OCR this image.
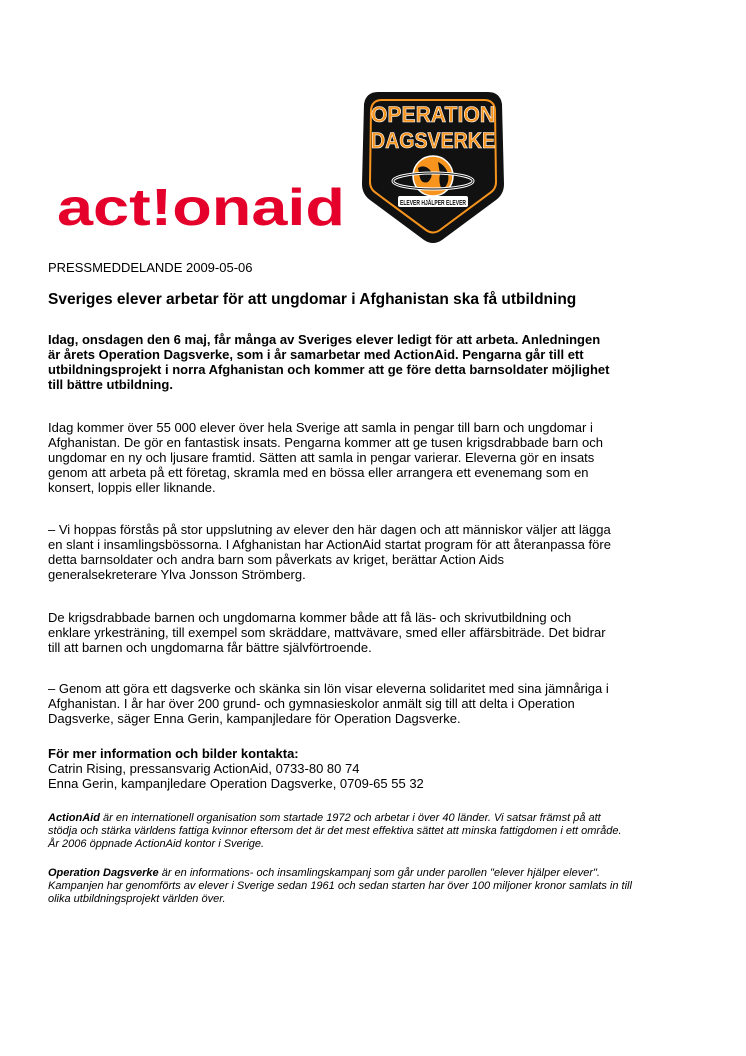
act!onaid
OPERATION
DAGSVERKE
ELEVER HJÄLPER ELEVER
PRESSMEDDELANDE 2009-05-06
Sveriges elever arbetar för att ungdomar i Afghanistan ska få utbildning
Idag, onsdagen den 6 maj, får många av Sveriges elever ledigt för att arbeta. Anledningen
är årets Operation Dagsverke, som i år samarbetar med ActionAid. Pengarna går till ett
utbildningsprojekt i norra Afghanistan och kommer att ge före detta barnsoldater möjlighet
till bättre utbildning.
Idag kommer över 55 000 elever över hela Sverige att samla in pengar till barn och ungdomar i
Afghanistan. De gör en fantastisk insats. Pengarna kommer att ge tusen krigsdrabbade barn och
ungdomar en ny och ljusare framtid. Sätten att samla in pengar varierar. Eleverna gör en insats
genom att arbeta på ett företag, skramla med en bössa eller arrangera ett evenemang som en
konsert, loppis eller liknande.
– Vi hoppas förstås på stor uppslutning av elever den här dagen och att människor väljer att lägga
en slant i insamlingsbössorna. I Afghanistan har ActionAid startat program för att återanpassa före
detta barnsoldater och andra barn som påverkats av kriget, berättar Action Aids
generalsekreterare Ylva Jonsson Strömberg.
De krigsdrabbade barnen och ungdomarna kommer både att få läs- och skrivutbildning och
enklare yrkesträning, till exempel som skräddare, mattvävare, smed eller affärsbiträde. Det bidrar
till att barnen och ungdomarna får bättre självförtroende.
– Genom att göra ett dagsverke och skänka sin lön visar eleverna solidaritet med sina jämnåriga i
Afghanistan. I år har över 200 grund- och gymnasieskolor anmält sig till att delta i Operation
Dagsverke, säger Enna Gerin, kampanjledare för Operation Dagsverke.
För mer information och bilder kontakta:
Catrin Rising, pressansvarig ActionAid, 0733-80 80 74
Enna Gerin, kampanjledare Operation Dagsverke, 0709-65 55 32
ActionAid är en internationell organisation som startade 1972 och arbetar i över 40 länder. Vi satsar främst på att
stödja och stärka världens fattiga kvinnor eftersom det är det mest effektiva sättet att minska fattigdomen i ett område.
År 2006 öppnade ActionAid kontor i Sverige.
Operation Dagsverke är en informations- och insamlingskampanj som går under parollen "elever hjälper elever".
Kampanjen har genomförts av elever i Sverige sedan 1961 och sedan starten har över 100 miljoner kronor samlats in till
olika utbildningsprojekt världen över.
